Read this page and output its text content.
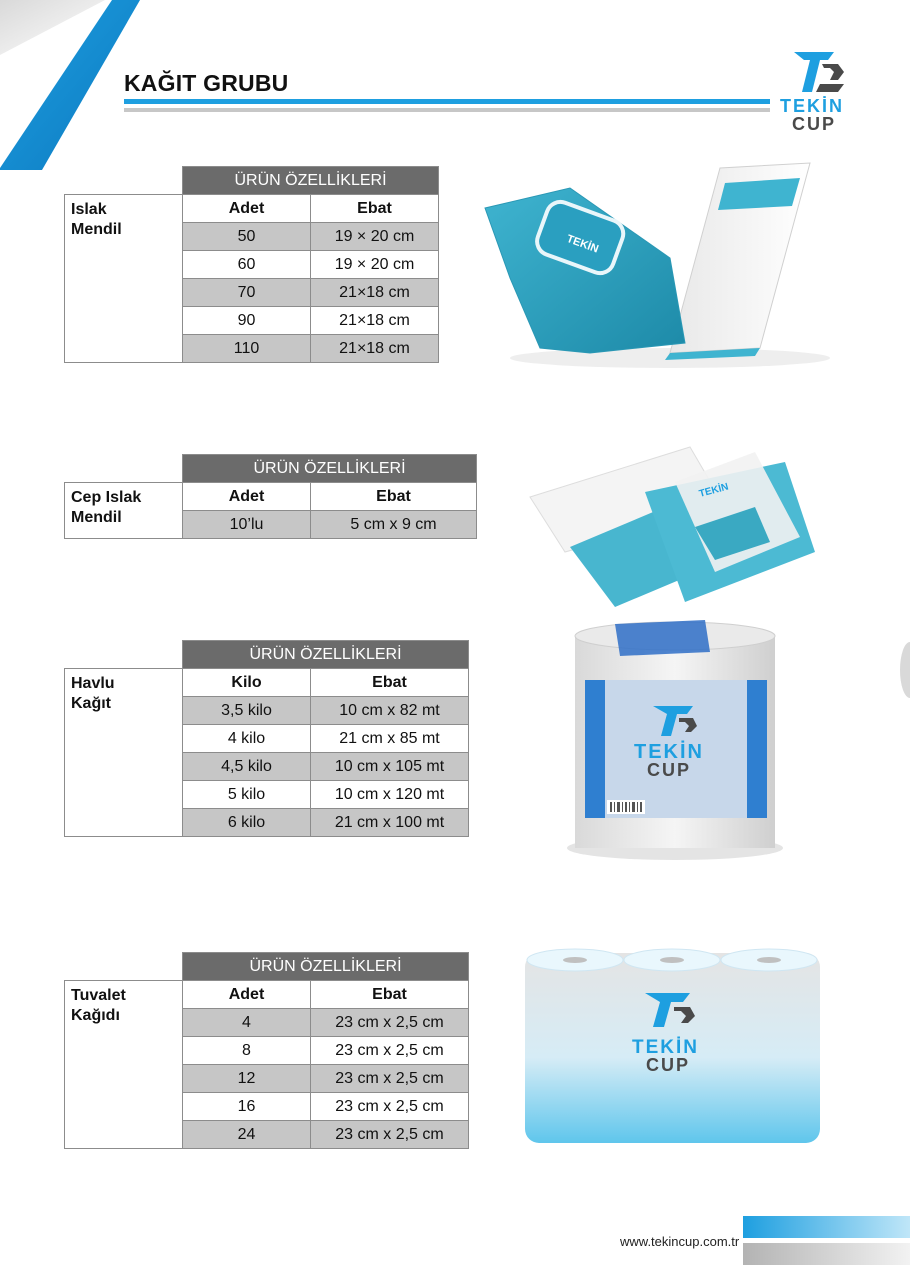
KAĞIT GRUBU
TEKİN
CUP
	ÜRÜN ÖZELLİKLERİ	
Islak
Mendil	Adet	Ebat
	50	19 × 20 cm
	60	19 × 20 cm
	70	21×18 cm
	90	21×18 cm
	110	21×18 cm
	ÜRÜN ÖZELLİKLERİ	
Cep Islak
Mendil	Adet	Ebat
	10’lu	5 cm x 9 cm
	ÜRÜN ÖZELLİKLERİ	
Havlu
Kağıt	Kilo	Ebat
	3,5 kilo	10 cm x 82 mt
	4 kilo	21 cm x 85 mt
	4,5 kilo	10 cm x 105 mt
	5 kilo	10 cm x 120 mt
	6 kilo	21 cm x 100 mt
	ÜRÜN ÖZELLİKLERİ	
Tuvalet
Kağıdı	Adet	Ebat
	4	23 cm x 2,5 cm
	8	23 cm x 2,5 cm
	12	23 cm x 2,5 cm
	16	23 cm x 2,5 cm
	24	23 cm x 2,5 cm
TEKİN
TEKİN
TEKİN
CUP
TEKİN
CUP
www.tekincup.com.tr
